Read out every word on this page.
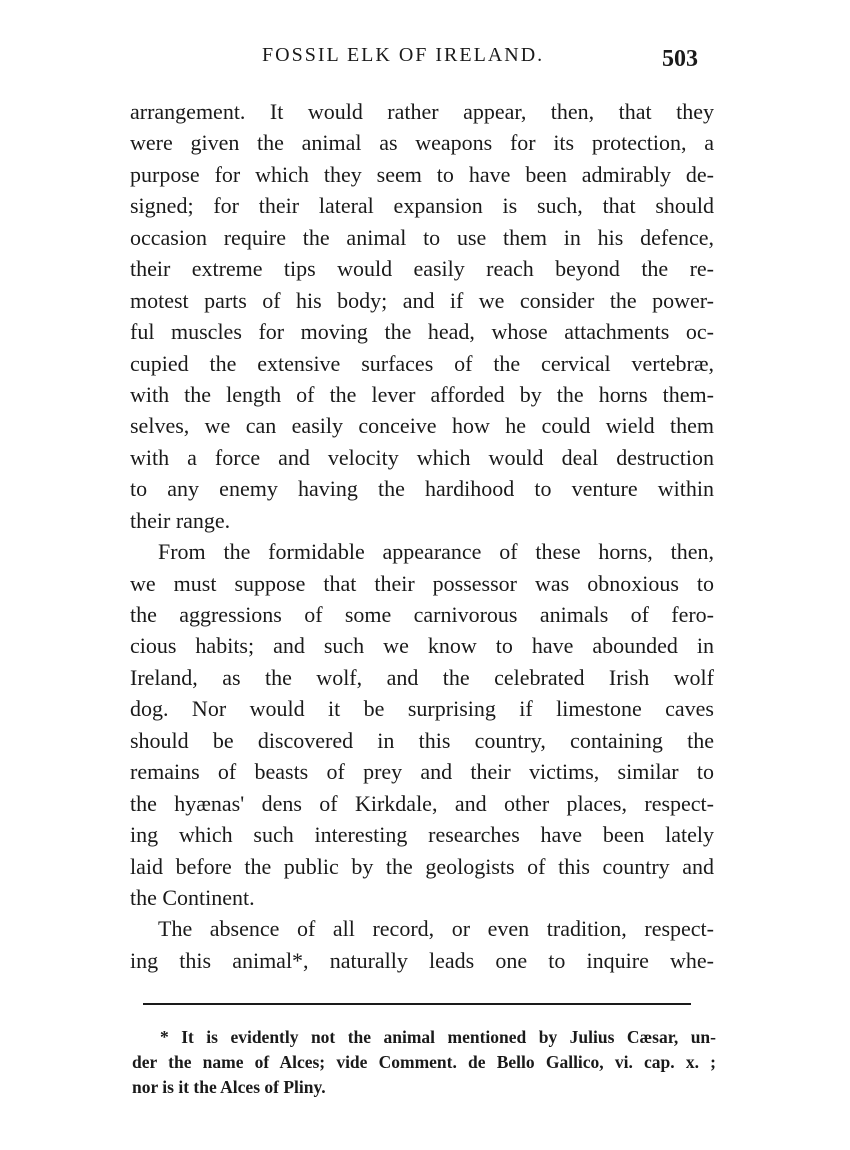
FOSSIL ELK OF IRELAND.	503
arrangement. It would rather appear, then, that they
were given the animal as weapons for its protection, a
purpose for which they seem to have been admirably de-
signed; for their lateral expansion is such, that should
occasion require the animal to use them in his defence,
their extreme tips would easily reach beyond the re-
motest parts of his body; and if we consider the power-
ful muscles for moving the head, whose attachments oc-
cupied the extensive surfaces of the cervical vertebræ,
with the length of the lever afforded by the horns them-
selves, we can easily conceive how he could wield them
with a force and velocity which would deal destruction
to any enemy having the hardihood to venture within
their range.
From the formidable appearance of these horns, then,
we must suppose that their possessor was obnoxious to
the aggressions of some carnivorous animals of fero-
cious habits; and such we know to have abounded in
Ireland, as the wolf, and the celebrated Irish wolf
dog. Nor would it be surprising if limestone caves
should be discovered in this country, containing the
remains of beasts of prey and their victims, similar to
the hyænas' dens of Kirkdale, and other places, respect-
ing which such interesting researches have been lately
laid before the public by the geologists of this country and
the Continent.
The absence of all record, or even tradition, respect-
ing this animal*, naturally leads one to inquire whe-
* It is evidently not the animal mentioned by Julius Cæsar, un-
der the name of Alces; vide Comment. de Bello Gallico, vi. cap. x. ;
nor is it the Alces of Pliny.
